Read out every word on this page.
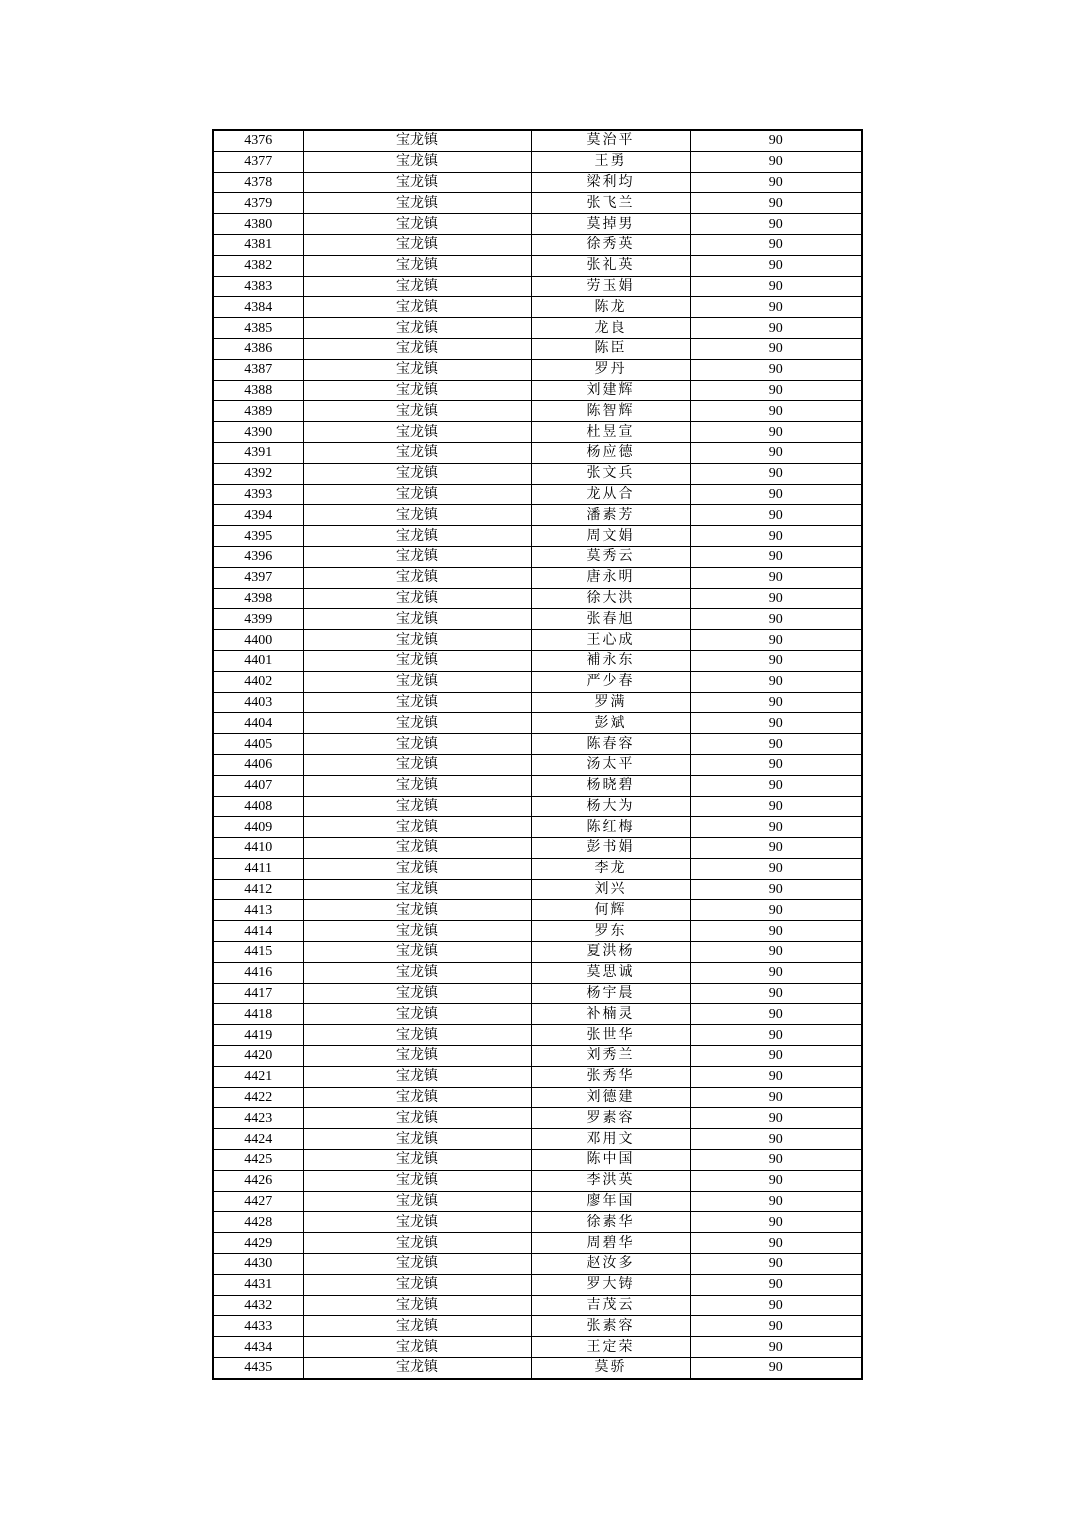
4376	宝龙镇	莫治平	90
4377	宝龙镇	王勇	90
4378	宝龙镇	梁利均	90
4379	宝龙镇	张飞兰	90
4380	宝龙镇	莫掉男	90
4381	宝龙镇	徐秀英	90
4382	宝龙镇	张礼英	90
4383	宝龙镇	劳玉娟	90
4384	宝龙镇	陈龙	90
4385	宝龙镇	龙良	90
4386	宝龙镇	陈臣	90
4387	宝龙镇	罗丹	90
4388	宝龙镇	刘建辉	90
4389	宝龙镇	陈智辉	90
4390	宝龙镇	杜昱宣	90
4391	宝龙镇	杨应德	90
4392	宝龙镇	张文兵	90
4393	宝龙镇	龙从合	90
4394	宝龙镇	潘素芳	90
4395	宝龙镇	周文娟	90
4396	宝龙镇	莫秀云	90
4397	宝龙镇	唐永明	90
4398	宝龙镇	徐大洪	90
4399	宝龙镇	张春旭	90
4400	宝龙镇	王心成	90
4401	宝龙镇	補永东	90
4402	宝龙镇	严少春	90
4403	宝龙镇	罗满	90
4404	宝龙镇	彭斌	90
4405	宝龙镇	陈春容	90
4406	宝龙镇	汤太平	90
4407	宝龙镇	杨晓碧	90
4408	宝龙镇	杨大为	90
4409	宝龙镇	陈红梅	90
4410	宝龙镇	彭书娟	90
4411	宝龙镇	李龙	90
4412	宝龙镇	刘兴	90
4413	宝龙镇	何辉	90
4414	宝龙镇	罗东	90
4415	宝龙镇	夏洪杨	90
4416	宝龙镇	莫思诚	90
4417	宝龙镇	杨宇晨	90
4418	宝龙镇	补楠灵	90
4419	宝龙镇	张世华	90
4420	宝龙镇	刘秀兰	90
4421	宝龙镇	张秀华	90
4422	宝龙镇	刘德建	90
4423	宝龙镇	罗素容	90
4424	宝龙镇	邓用文	90
4425	宝龙镇	陈中国	90
4426	宝龙镇	李洪英	90
4427	宝龙镇	廖年国	90
4428	宝龙镇	徐素华	90
4429	宝龙镇	周碧华	90
4430	宝龙镇	赵汝多	90
4431	宝龙镇	罗大铸	90
4432	宝龙镇	吉茂云	90
4433	宝龙镇	张素容	90
4434	宝龙镇	王定荣	90
4435	宝龙镇	莫骄	90
